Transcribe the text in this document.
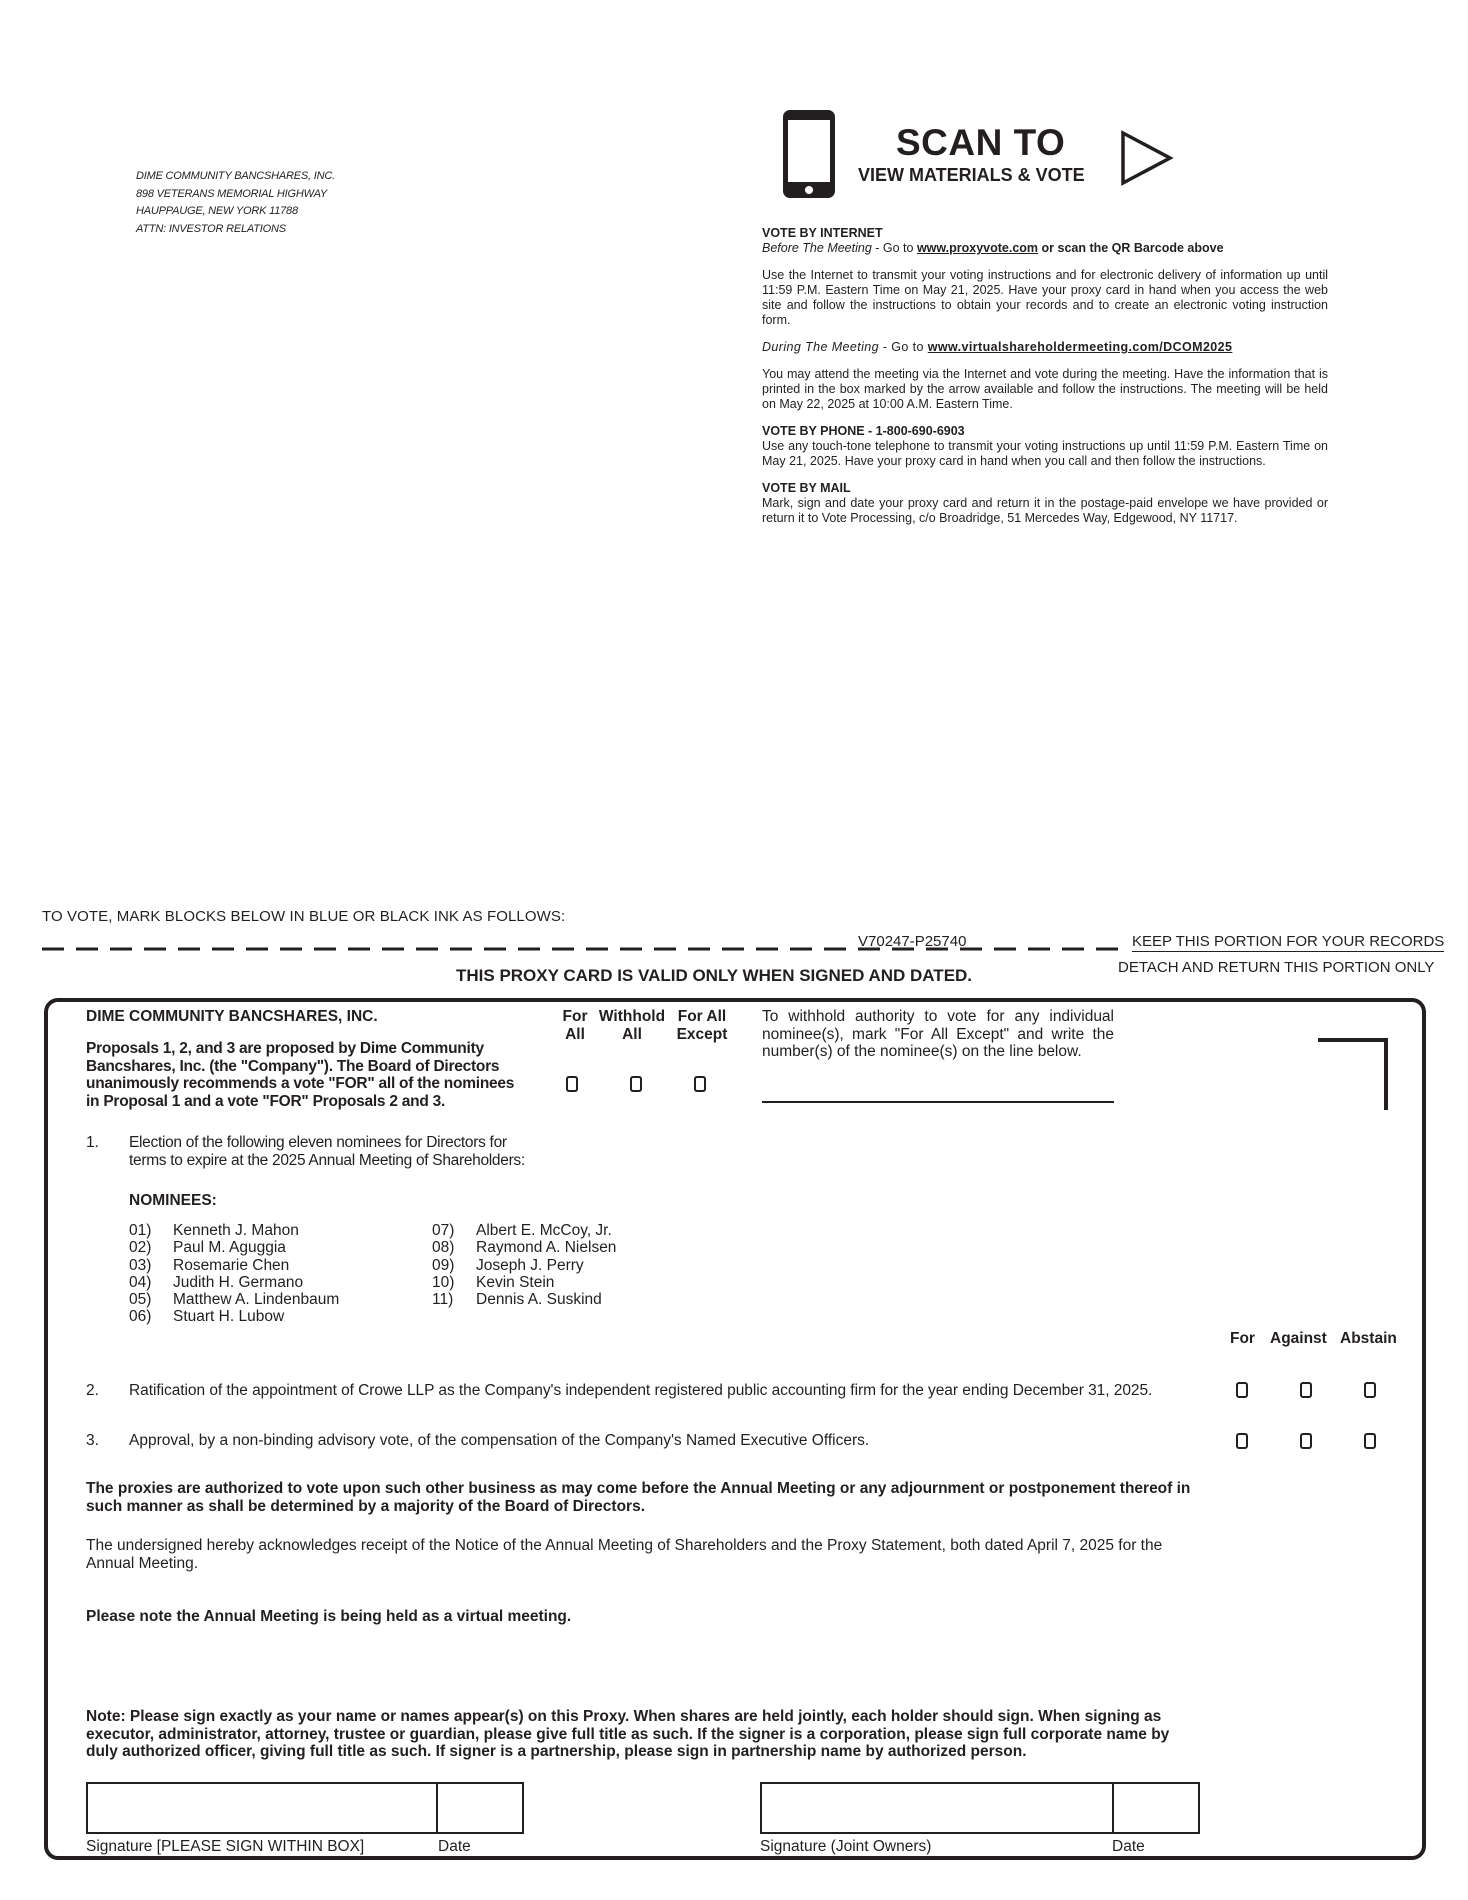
DIME COMMUNITY BANCSHARES, INC.
898 VETERANS MEMORIAL HIGHWAY
HAUPPAUGE, NEW YORK 11788
ATTN: INVESTOR RELATIONS
SCAN TO
VIEW MATERIALS & VOTE

VOTE BY INTERNET

Before The Meeting - Go to www.proxyvote.com or scan the QR Barcode above

Use the Internet to transmit your voting instructions and for electronic delivery of information up until 11:59 P.M. Eastern Time on May 21, 2025. Have your proxy card in hand when you access the web site and follow the instructions to obtain your records and to create an electronic voting instruction form.

During The Meeting - Go to www.virtualshareholdermeeting.com/DCOM2025

You may attend the meeting via the Internet and vote during the meeting. Have the information that is printed in the box marked by the arrow available and follow the instructions. The meeting will be held on May 22, 2025 at 10:00 A.M. Eastern Time.

VOTE BY PHONE - 1-800-690-6903

Use any touch-tone telephone to transmit your voting instructions up until 11:59 P.M. Eastern Time on May 21, 2025. Have your proxy card in hand when you call and then follow the instructions.

VOTE BY MAIL

Mark, sign and date your proxy card and return it in the postage-paid envelope we have provided or return it to Vote Processing, c/o Broadridge, 51 Mercedes Way, Edgewood, NY 11717.

TO VOTE, MARK BLOCKS BELOW IN BLUE OR BLACK INK AS FOLLOWS:
V70247-P25740	KEEP THIS PORTION FOR YOUR RECORDS
THIS PROXY CARD IS VALID ONLY WHEN SIGNED AND DATED.	DETACH AND RETURN THIS PORTION ONLY
DIME COMMUNITY BANCSHARES, INC.
Proposals 1, 2, and 3 are proposed by Dime Community Bancshares, Inc. (the "Company"). The Board of Directors unanimously recommends a vote "FOR" all of the nominees in Proposal 1 and a vote "FOR" Proposals 2 and 3.
For
All
Withhold
All
For All
Except
To withhold authority to vote for any individual nominee(s), mark "For All Except" and write the number(s) of the nominee(s) on the line below.
1. Election of the following eleven nominees for Directors for terms to expire at the 2025 Annual Meeting of Shareholders:
NOMINEES:
01) Kenneth J. Mahon
02) Paul M. Aguggia
03) Rosemarie Chen
04) Judith H. Germano
05) Matthew A. Lindenbaum
06) Stuart H. Lubow
07) Albert E. McCoy, Jr.
08) Raymond A. Nielsen
09) Joseph J. Perry
10) Kevin Stein
11) Dennis A. Suskind
For Against Abstain
2. Ratification of the appointment of Crowe LLP as the Company's independent registered public accounting firm for the year ending December 31, 2025.
3. Approval, by a non-binding advisory vote, of the compensation of the Company's Named Executive Officers.
The proxies are authorized to vote upon such other business as may come before the Annual Meeting or any adjournment or postponement thereof in such manner as shall be determined by a majority of the Board of Directors.
The undersigned hereby acknowledges receipt of the Notice of the Annual Meeting of Shareholders and the Proxy Statement, both dated April 7, 2025 for the Annual Meeting.
Please note the Annual Meeting is being held as a virtual meeting.
Note: Please sign exactly as your name or names appear(s) on this Proxy. When shares are held jointly, each holder should sign. When signing as executor, administrator, attorney, trustee or guardian, please give full title as such. If the signer is a corporation, please sign full corporate name by duly authorized officer, giving full title as such. If signer is a partnership, please sign in partnership name by authorized person.
Signature [PLEASE SIGN WITHIN BOX]	Date	Signature (Joint Owners)	Date
